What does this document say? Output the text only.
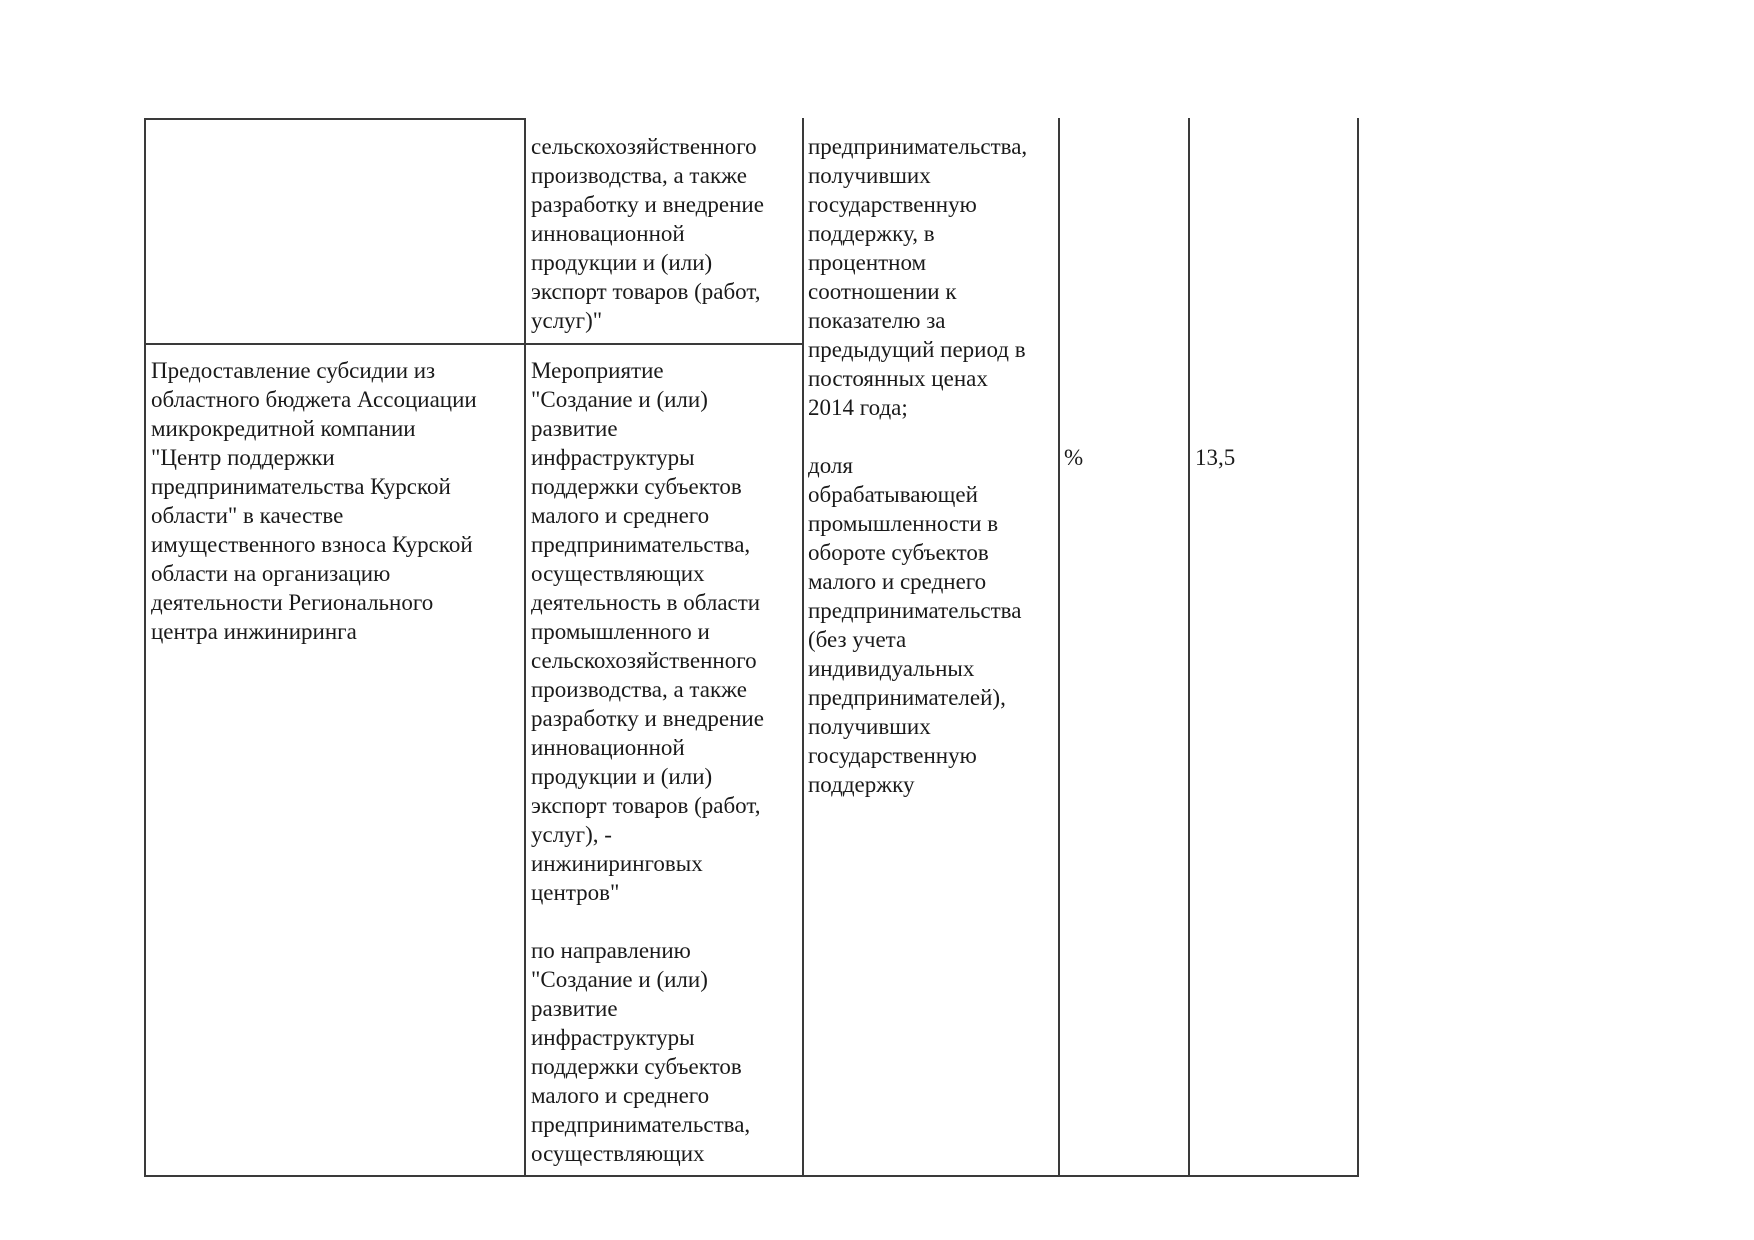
сельскохозяйственного
производства, а также
разработку и внедрение
инновационной
продукции и (или)
экспорт товаров (работ,
услуг)"

Предоставление субсидии из
областного бюджета Ассоциации
микрокредитной компании
"Центр поддержки
предпринимательства Курской
области" в качестве
имущественного взноса Курской
области на организацию
деятельности Регионального
центра инжиниринга

Мероприятие
"Создание и (или)
развитие
инфраструктуры
поддержки субъектов
малого и среднего
предпринимательства,
осуществляющих
деятельность в области
промышленного и
сельскохозяйственного
производства, а также
разработку и внедрение
инновационной
продукции и (или)
экспорт товаров (работ,
услуг), -
инжиниринговых
центров"

по направлению
"Создание и (или)
развитие
инфраструктуры
поддержки субъектов
малого и среднего
предпринимательства,
осуществляющих

предпринимательства,
получивших
государственную
поддержку, в
процентном
соотношении к
показателю за
предыдущий период в
постоянных ценах
2014 года;

доля
обрабатывающей
промышленности в
обороте субъектов
малого и среднего
предпринимательства
(без учета
индивидуальных
предпринимателей),
получивших
государственную
поддержку

%	13,5
